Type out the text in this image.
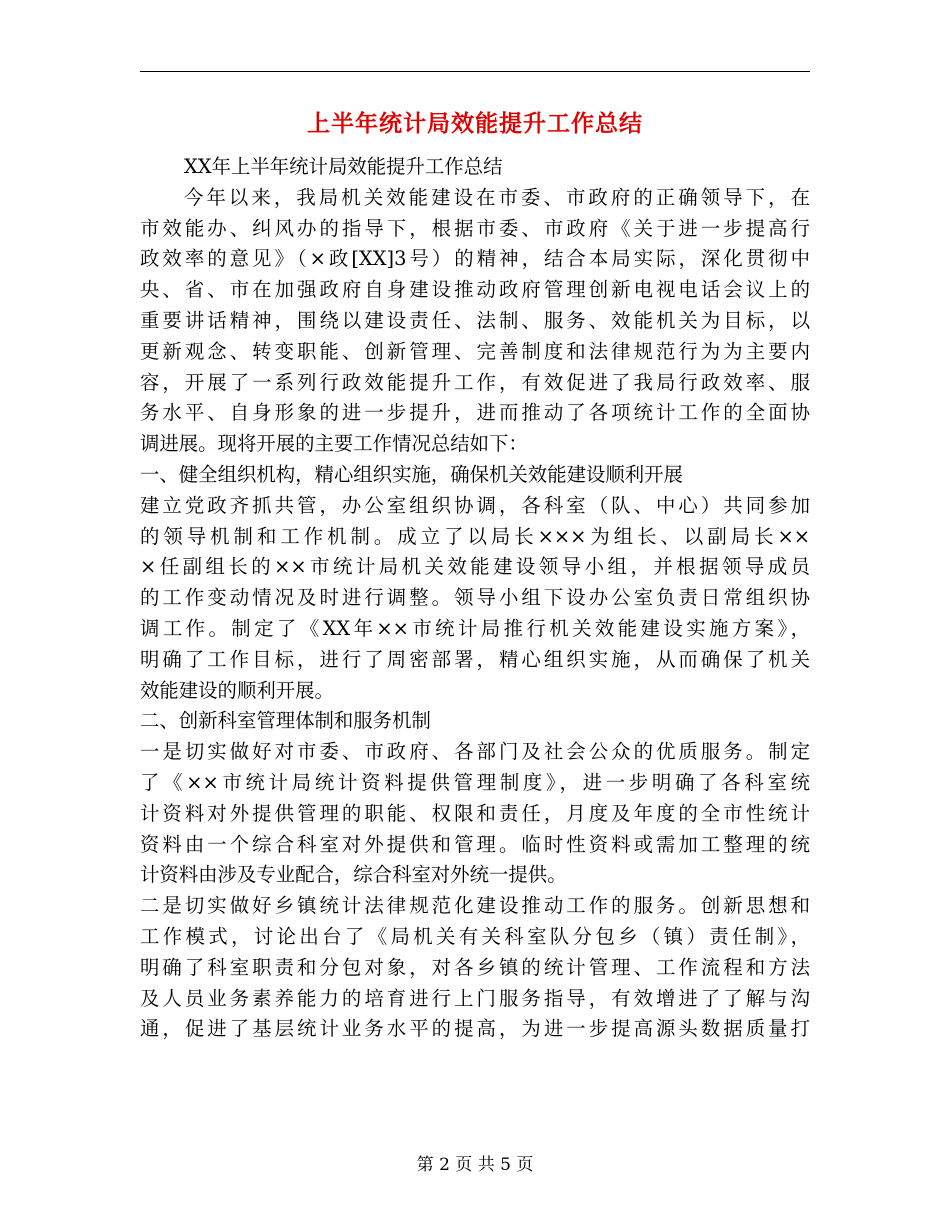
上半年统计局效能提升工作总结
XX年上半年统计局效能提升工作总结
今年以来，我局机关效能建设在市委、市政府的正确领导下，在
市效能办、纠风办的指导下，根据市委、市政府《关于进一步提高行
政效率的意见》（×政[XX]3号）的精神，结合本局实际，深化贯彻中
央、省、市在加强政府自身建设推动政府管理创新电视电话会议上的
重要讲话精神，围绕以建设责任、法制、服务、效能机关为目标，以
更新观念、转变职能、创新管理、完善制度和法律规范行为为主要内
容，开展了一系列行政效能提升工作，有效促进了我局行政效率、服
务水平、自身形象的进一步提升，进而推动了各项统计工作的全面协
调进展。现将开展的主要工作情况总结如下：
一、健全组织机构，精心组织实施，确保机关效能建设顺利开展
建立党政齐抓共管，办公室组织协调，各科室（队、中心）共同参加
的领导机制和工作机制。成立了以局长×××为组长、以副局长××
×任副组长的××市统计局机关效能建设领导小组，并根据领导成员
的工作变动情况及时进行调整。领导小组下设办公室负责日常组织协
调工作。制定了《XX年××市统计局推行机关效能建设实施方案》，
明确了工作目标，进行了周密部署，精心组织实施，从而确保了机关
效能建设的顺利开展。
二、创新科室管理体制和服务机制
一是切实做好对市委、市政府、各部门及社会公众的优质服务。制定
了《××市统计局统计资料提供管理制度》，进一步明确了各科室统
计资料对外提供管理的职能、权限和责任，月度及年度的全市性统计
资料由一个综合科室对外提供和管理。临时性资料或需加工整理的统
计资料由涉及专业配合，综合科室对外统一提供。
二是切实做好乡镇统计法律规范化建设推动工作的服务。创新思想和
工作模式，讨论出台了《局机关有关科室队分包乡（镇）责任制》，
明确了科室职责和分包对象，对各乡镇的统计管理、工作流程和方法
及人员业务素养能力的培育进行上门服务指导，有效增进了了解与沟
通，促进了基层统计业务水平的提高，为进一步提高源头数据质量打
第 2 页 共 5 页
